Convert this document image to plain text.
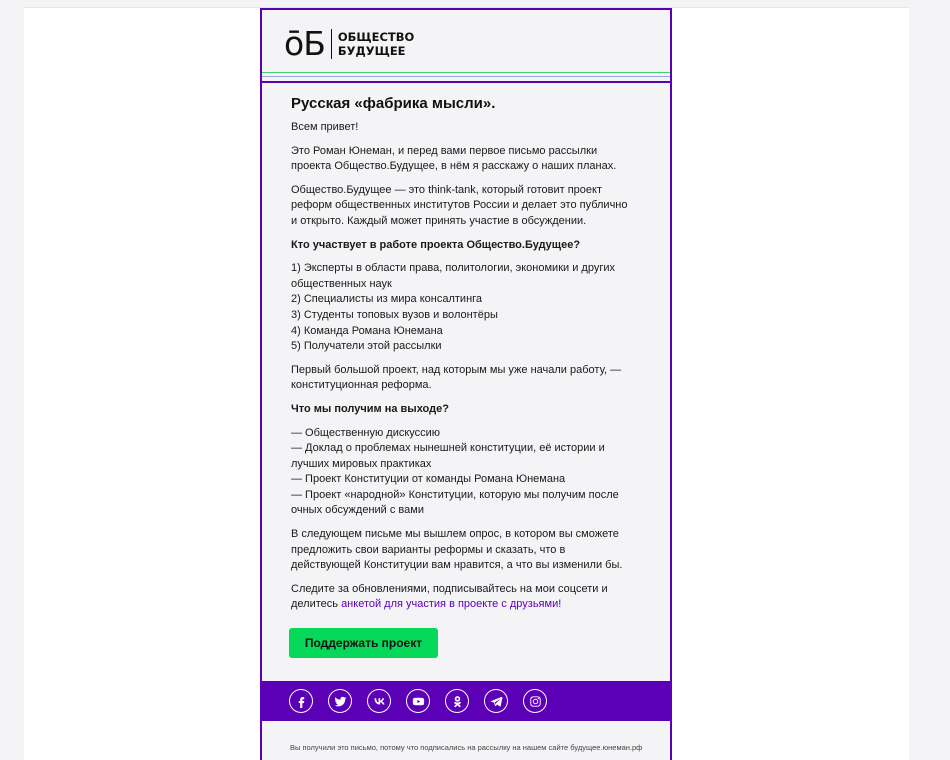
ōБ ОБЩЕСТВО
БУДУЩЕЕ
Русская «фабрика мысли».

Всем привет!

Это Роман Юнеман, и перед вами первое письмо рассылки проекта Общество.Будущее, в нём я расскажу о наших планах.

Общество.Будущее — это think-tank, который готовит проект реформ общественных институтов России и делает это публично и открыто. Каждый может принять участие в обсуждении.

Кто участвует в работе проекта Общество.Будущее?

1) Эксперты в области права, политологии, экономики и других общественных наук
2) Специалисты из мира консалтинга
3) Студенты топовых вузов и волонтёры
4) Команда Романа Юнемана
5) Получатели этой рассылки

Первый большой проект, над которым мы уже начали работу, — конституционная реформа.

Что мы получим на выходе?

— Общественную дискуссию
— Доклад о проблемах нынешней конституции, её истории и лучших мировых практиках
— Проект Конституции от команды Романа Юнемана
— Проект «народной» Конституции, которую мы получим после очных обсуждений с вами

В следующем письме мы вышлем опрос, в котором вы сможете предложить свои варианты реформы и сказать, что в действующей Конституции вам нравится, а что вы изменили бы.

Следите за обновлениями, подписывайтесь на мои соцсети и делитесь анкетой для участия в проекте с друзьями!

Поддержать проект
Вы получили это письмо, потому что подписались на рассылку на нашем сайте будущее.юнеман.рф
